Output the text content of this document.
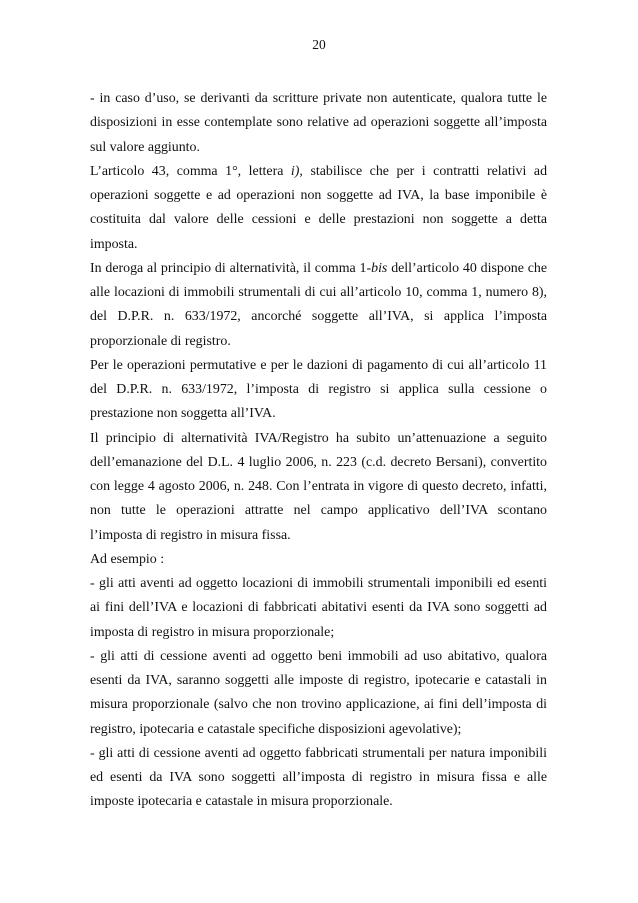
20
- in caso d’uso, se derivanti da scritture private non autenticate, qualora tutte le
disposizioni in esse contemplate sono relative ad operazioni soggette all’imposta
sul valore aggiunto.
L’articolo 43, comma 1°, lettera i), stabilisce che per i contratti relativi ad
operazioni soggette e ad operazioni non soggette ad IVA, la base imponibile è
costituita dal valore delle cessioni e delle prestazioni non soggette a detta
imposta.
In deroga al principio di alternatività, il comma 1-bis dell’articolo 40 dispone che
alle locazioni di immobili strumentali di cui all’articolo 10, comma 1, numero 8),
del D.P.R. n. 633/1972, ancorché soggette all’IVA, si applica l’imposta
proporzionale di registro.
Per le operazioni permutative e per le dazioni di pagamento di cui all’articolo 11
del D.P.R. n. 633/1972, l’imposta di registro si applica sulla cessione o
prestazione non soggetta all’IVA.
Il principio di alternatività IVA/Registro ha subito un’attenuazione a seguito
dell’emanazione del D.L. 4 luglio 2006, n. 223 (c.d. decreto Bersani), convertito
con legge 4 agosto 2006, n. 248. Con l’entrata in vigore di questo decreto, infatti,
non tutte le operazioni attratte nel campo applicativo dell’IVA scontano
l’imposta di registro in misura fissa.
Ad esempio :
- gli atti aventi ad oggetto locazioni di immobili strumentali imponibili ed esenti
ai fini dell’IVA e locazioni di fabbricati abitativi esenti da IVA sono soggetti ad
imposta di registro in misura proporzionale;
- gli atti di cessione aventi ad oggetto beni immobili ad uso abitativo, qualora
esenti da IVA, saranno soggetti alle imposte di registro, ipotecarie e catastali in
misura proporzionale (salvo che non trovino applicazione, ai fini dell’imposta di
registro, ipotecaria e catastale specifiche disposizioni agevolative);
- gli atti di cessione aventi ad oggetto fabbricati strumentali per natura imponibili
ed esenti da IVA sono soggetti all’imposta di registro in misura fissa e alle
imposte ipotecaria e catastale in misura proporzionale.
